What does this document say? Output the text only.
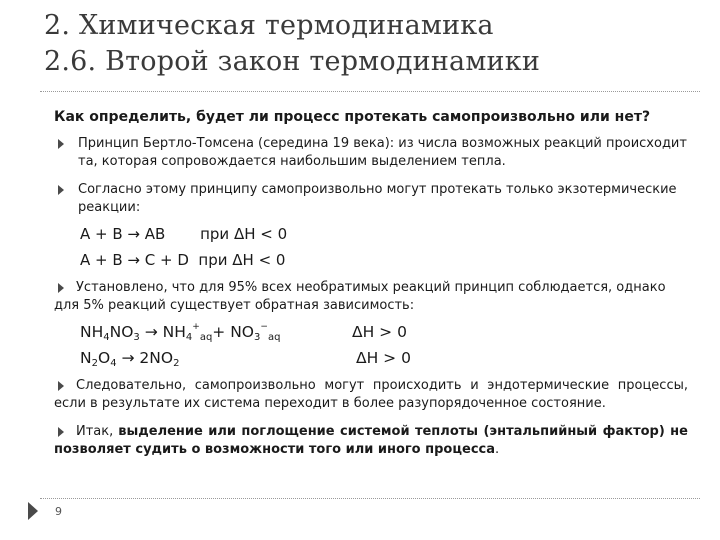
2. Химическая термодинамика
2.6. Второй закон термодинамики
Как определить, будет ли процесс протекать самопроизвольно или нет?
Принцип Бертло-Томсена (середина 19 века): из числа возможных реакций происходит та, которая сопровождается наибольшим выделением тепла.
Согласно этому принципу самопроизвольно могут протекать только экзотермические реакции:
A + B → AB при ΔH < 0
A + B → C + D  при ΔH < 0
Установлено, что для 95% всех необратимых реакций принцип соблюдается, однако для 5% реакций существует обратная зависимость:
$NH_4NO_3 \to NH_4^+_{aq}+ NO_3^-_{aq}$	ΔH > 0
$N_2O_4 \to 2NO_2$	ΔH > 0
Следовательно, самопроизвольно могут происходить и эндотермические процессы, если в результате их система переходит в более разупорядоченное состояние.
Итак, выделение или поглощение системой теплоты (энтальпийный фактор) не позволяет судить о возможности того или иного процесса.
9
